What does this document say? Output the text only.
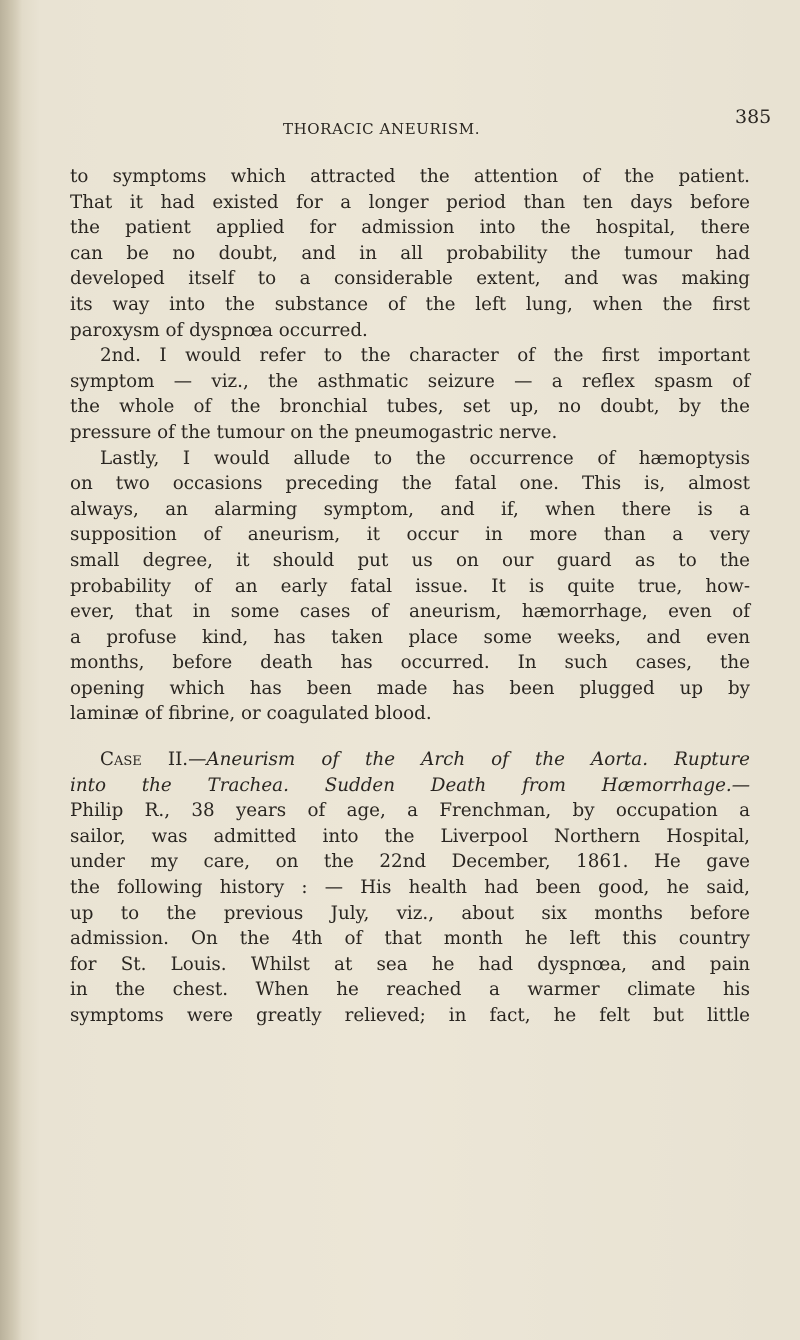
THORACIC ANEURISM.
385
to symptoms which attracted the attention of the patient.
That it had existed for a longer period than ten days before
the patient applied for admission into the hospital, there
can be no doubt, and in all probability the tumour had
developed itself to a considerable extent, and was making
its way into the substance of the left lung, when the first
paroxysm of dyspnœa occurred.
2nd. I would refer to the character of the first important
symptom — viz., the asthmatic seizure — a reflex spasm of
the whole of the bronchial tubes, set up, no doubt, by the
pressure of the tumour on the pneumogastric nerve.
Lastly, I would allude to the occurrence of hæmoptysis
on two occasions preceding the fatal one. This is, almost
always, an alarming symptom, and if, when there is a
supposition of aneurism, it occur in more than a very
small degree, it should put us on our guard as to the
probability of an early fatal issue. It is quite true, how-
ever, that in some cases of aneurism, hæmorrhage, even of
a profuse kind, has taken place some weeks, and even
months, before death has occurred. In such cases, the
opening which has been made has been plugged up by
laminæ of fibrine, or coagulated blood.
Case II.—Aneurism of the Arch of the Aorta. Rupture
into the Trachea. Sudden Death from Hæmorrhage.—
Philip R., 38 years of age, a Frenchman, by occupation a
sailor, was admitted into the Liverpool Northern Hospital,
under my care, on the 22nd December, 1861. He gave
the following history : — His health had been good, he said,
up to the previous July, viz., about six months before
admission. On the 4th of that month he left this country
for St. Louis. Whilst at sea he had dyspnœa, and pain
in the chest. When he reached a warmer climate his
symptoms were greatly relieved; in fact, he felt but little
